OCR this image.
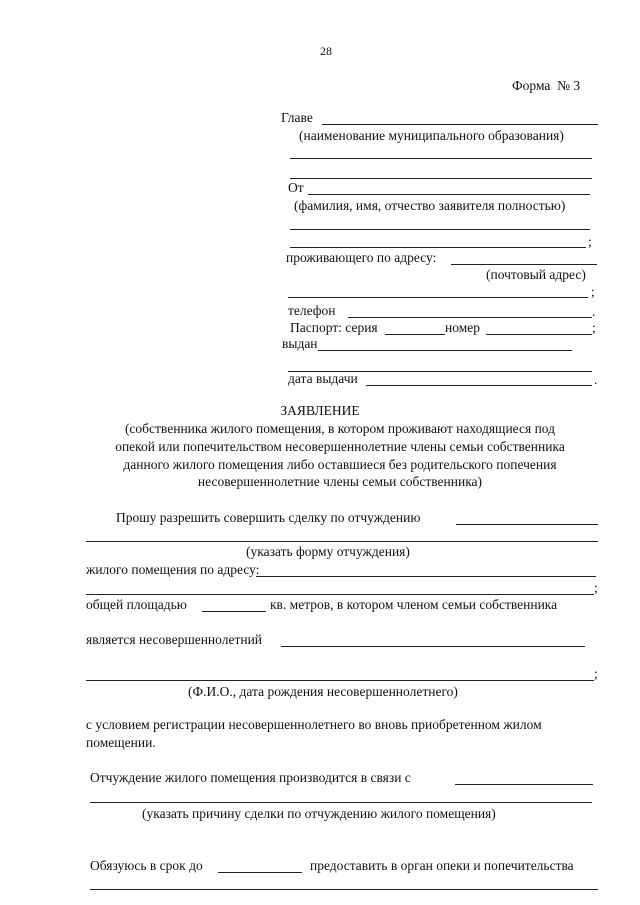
28
Форма № 3
Главе
(наименование муниципального образования)
От
(фамилия, имя, отчество заявителя полностью)
;
проживающего по адресу:
(почтовый адрес)
;
телефон	.
Паспорт: серия	номер	;
выдан
дата выдачи	.
ЗАЯВЛЕНИЕ
(собственника жилого помещения, в котором проживают находящиеся под
опекой или попечительством несовершеннолетние члены семьи собственника
данного жилого помещения либо оставшиеся без родительского попечения
несовершеннолетние члены семьи собственника)
Прошу разрешить совершить сделку по отчуждению
(указать форму отчуждения)
жилого помещения по адресу:
;
общей площадью	кв. метров, в котором членом семьи собственника
является несовершеннолетний
;
(Ф.И.О., дата рождения несовершеннолетнего)
с условием регистрации несовершеннолетнего во вновь приобретенном жилом
помещении.
Отчуждение жилого помещения производится в связи с
(указать причину сделки по отчуждению жилого помещения)
Обязуюсь в срок до	предоставить в орган опеки и попечительства
